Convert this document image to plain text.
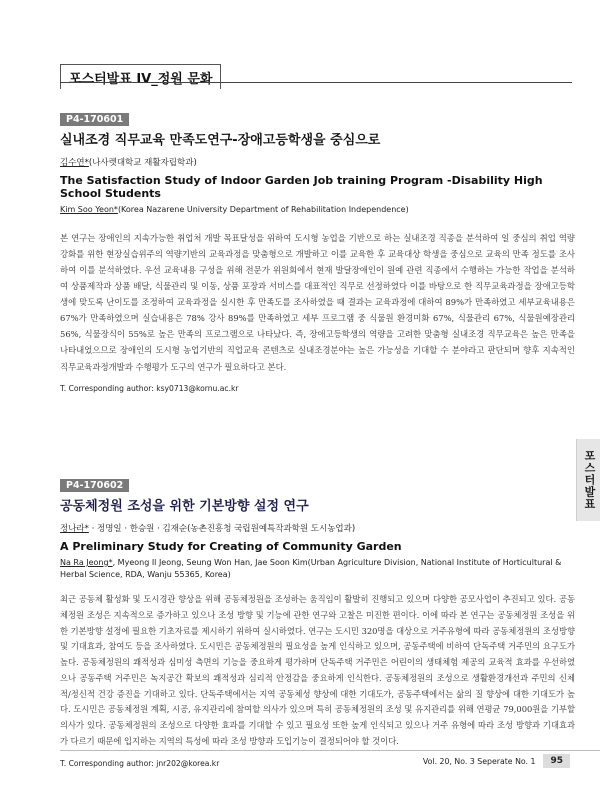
포스터발표 IV_정원 문화
P4-170601
실내조경 직무교육 만족도연구-장애고등학생을 중심으로
김수연*(나사렛대학교 재활자립학과)
The Satisfaction Study of Indoor Garden Job training Program -Disability High School Students
Kim Soo Yeon*(Korea Nazarene University Department of Rehabilitation Independence)
본 연구는 장애인의 지속가능한 취업처 개발 목표달성을 위하여 도시형 농업을 기반으로 하는 실내조경 직종을 분석하여 일 중심의 취업 역량강화를 위한 현장실습위주의 역량기반의 교육과정을 맞춤형으로 개발하고 이를 교육한 후 교육대상 학생을 중심으로 교육의 만족 정도를 조사하여 이를 분석하였다. 우선 교육내용 구성을 위해 전문가 위원회에서 현재 발달장애인이 원예 관련 직종에서 수행하는 가능한 작업을 분석하여 상품제작과 상품 배달, 식물관리 및 이동, 상품 포장과 서비스를 대표적인 직무로 선정하였다 이를 바탕으로 한 직무교육과정을 장애고등학생에 맞도록 난이도를 조정하여 교육과정을 실시한 후 만족도를 조사하였을 때 결과는 교육과정에 대하여 89%가 만족하였고 세부교육내용은 67%가 만족하였으며 실습내용은 78% 강사 89%를 만족하였고 세부 프로그램 중 식물원 환경미화 67%, 식물관리 67%, 식물원예장관리 56%, 식물장식이 55%로 높은 만족의 프로그램으로 나타났다. 즉, 장애고등학생의 역량을 고려한 맞춤형 실내조경 직무교육은 높은 만족을 나타내었으므로 장애인의 도시형 농업기반의 직업교육 콘텐츠로 실내조경분야는 높은 가능성을 기대할 수 분야라고 판단되며 향후 지속적인 직무교육과정개발과 수행평가 도구의 연구가 필요하다고 본다.
T. Corresponding author: ksy0713@kornu.ac.kr
P4-170602
공동체정원 조성을 위한 기본방향 설정 연구
정나라* · 정명일 · 한승원 · 김재순(농촌진흥청 국립원예특작과학원 도시농업과)
A Preliminary Study for Creating of Community Garden
Na Ra Jeong*, Myeong Il Jeong, Seung Won Han, Jae Soon Kim(Urban Agriculture Division, National Institute of Horticultural & Herbal Science, RDA, Wanju 55365, Korea)
최근 공동체 활성화 및 도시경관 향상을 위해 공동체정원을 조성하는 움직임이 활발히 진행되고 있으며 다양한 공모사업이 추진되고 있다. 공동체정원 조성은 지속적으로 증가하고 있으나 조성 방향 및 기능에 관한 연구와 고찰은 미진한 편이다. 이에 따라 본 연구는 공동체정원 조성을 위한 기본방향 설정에 필요한 기초자료를 제시하기 위하여 실시하였다. 연구는 도시민 320명을 대상으로 거주유형에 따라 공동체정원의 조성방향 및 기대효과, 참여도 등을 조사하였다. 도시민은 공동체정원의 필요성을 높게 인식하고 있으며, 공동주택에 비하여 단독주택 거주민의 요구도가 높다. 공동체정원의 쾌적성과 심미성 측면의 기능을 중요하게 평가하며 단독주택 거주민은 어린이의 생태체험 제공의 교육적 효과를 우선하였으나 공동주택 거주민은 녹지공간 확보의 쾌적성과 심리적 안정감을 중요하게 인식한다. 공동체정원의 조성으로 생활환경개선과 주민의 신체적/정신적 건강 증진을 기대하고 있다. 단독주택에서는 지역 공동체성 향상에 대한 기대도가, 공동주택에서는 삶의 질 향상에 대한 기대도가 높다. 도시민은 공동체정원 계획, 시공, 유지관리에 참여할 의사가 있으며 특히 공동체정원의 조성 및 유지관리를 위해 연평균 79,000원을 기부할 의사가 있다. 공동체정원의 조성으로 다양한 효과를 기대할 수 있고 필요성 또한 높게 인식되고 있으나 거주 유형에 따라 조성 방향과 기대효과가 다르기 때문에 입지하는 지역의 특성에 따라 조성 방향과 도입기능이 결정되어야 할 것이다.
T. Corresponding author: jnr202@korea.kr
포스터발표
Vol. 20, No. 3 Seperate No. 1	95
